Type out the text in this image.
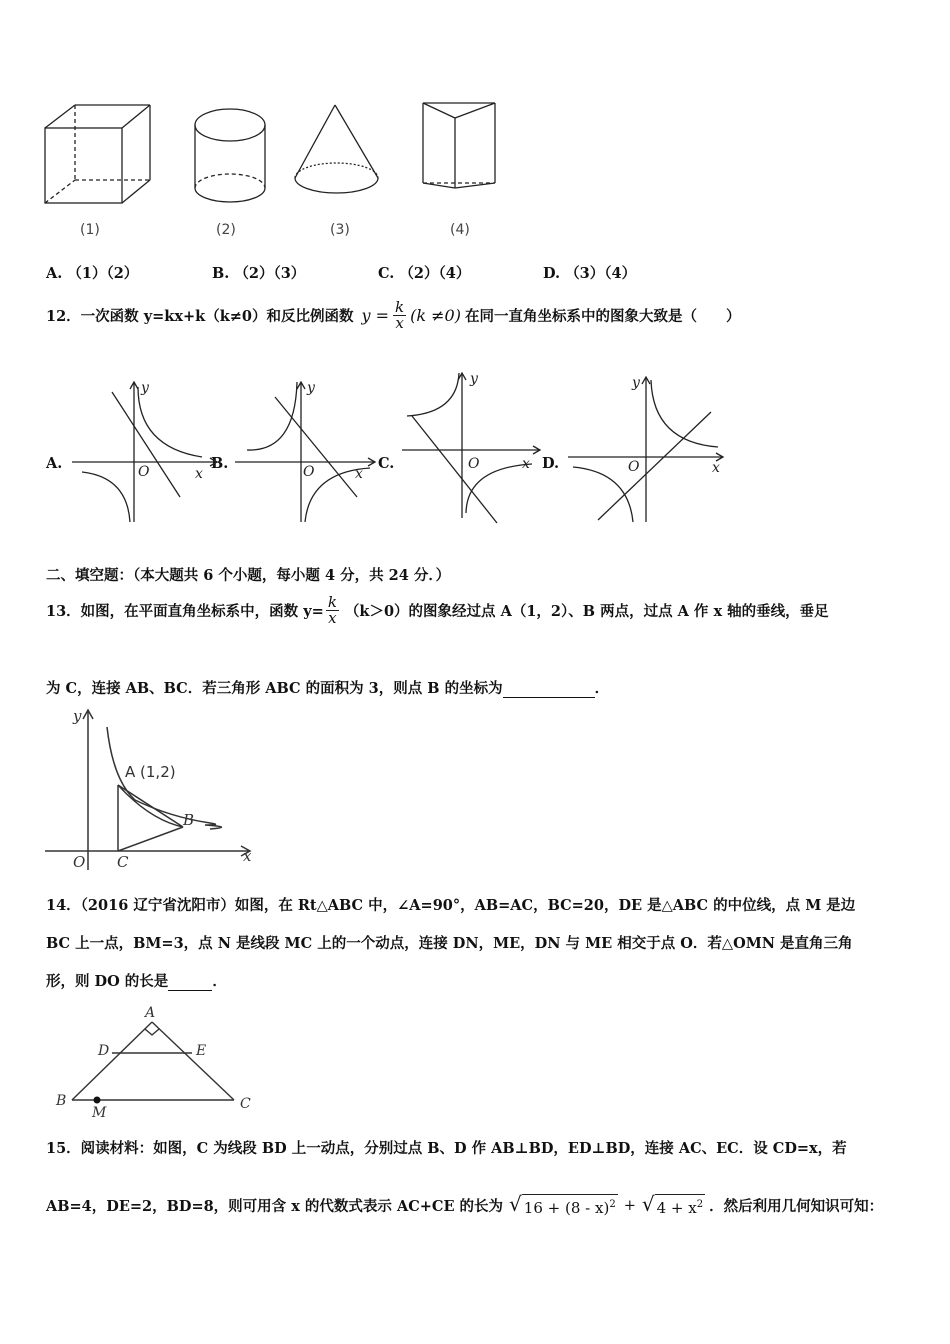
(1)	(2)	(3)	(4)
A. （1）（2）	B. （2）（3）	C. （2）（4）	D. （3）（4）
12．一次函数 y=kx+k（k≠0）和反比例函数 $y = \frac{k}{x} (k \ne 0)$ 在同一直角坐标系中的图象大致是（　　）
A.	B.	C.	D.
y
x
O
y
x
O
y
x
O
y
x
O
二、填空题：（本大题共 6 个小题，每小题 4 分，共 24 分．）
13．如图，在平面直角坐标系中，函数 $y= \frac{k}{x} (k>0)$的图象经过点 A（1，2）、B 两点，过点 A 作 x 轴的垂线，垂足
为 C，连接 AB、BC．若三角形 ABC 的面积为 3，则点 B 的坐标为	．
y
x
O
A (1,2)
B
C
14．（2016 辽宁省沈阳市）如图，在 Rt△ABC 中，∠A=90°，AB=AC，BC=20，DE 是△ABC 的中位线，点 M 是边
BC 上一点，BM=3，点 N 是线段 MC 上的一个动点，连接 DN，ME，DN 与 ME 相交于点 O．若△OMN 是直角三角
形，则 DO 的长是	．
A
D	E
B	C
M
15．阅读材料：如图，C 为线段 BD 上一动点，分别过点 B、D 作 AB⊥BD，ED⊥BD，连接 AC、EC．设 CD=x，若
AB=4，DE=2，BD=8，则可用含 x 的代数式表示 AC+CE 的长为 √ 16 + (8 - x)$^2$ + √ $4 + x^2$ ．然后利用几何知识可知：
